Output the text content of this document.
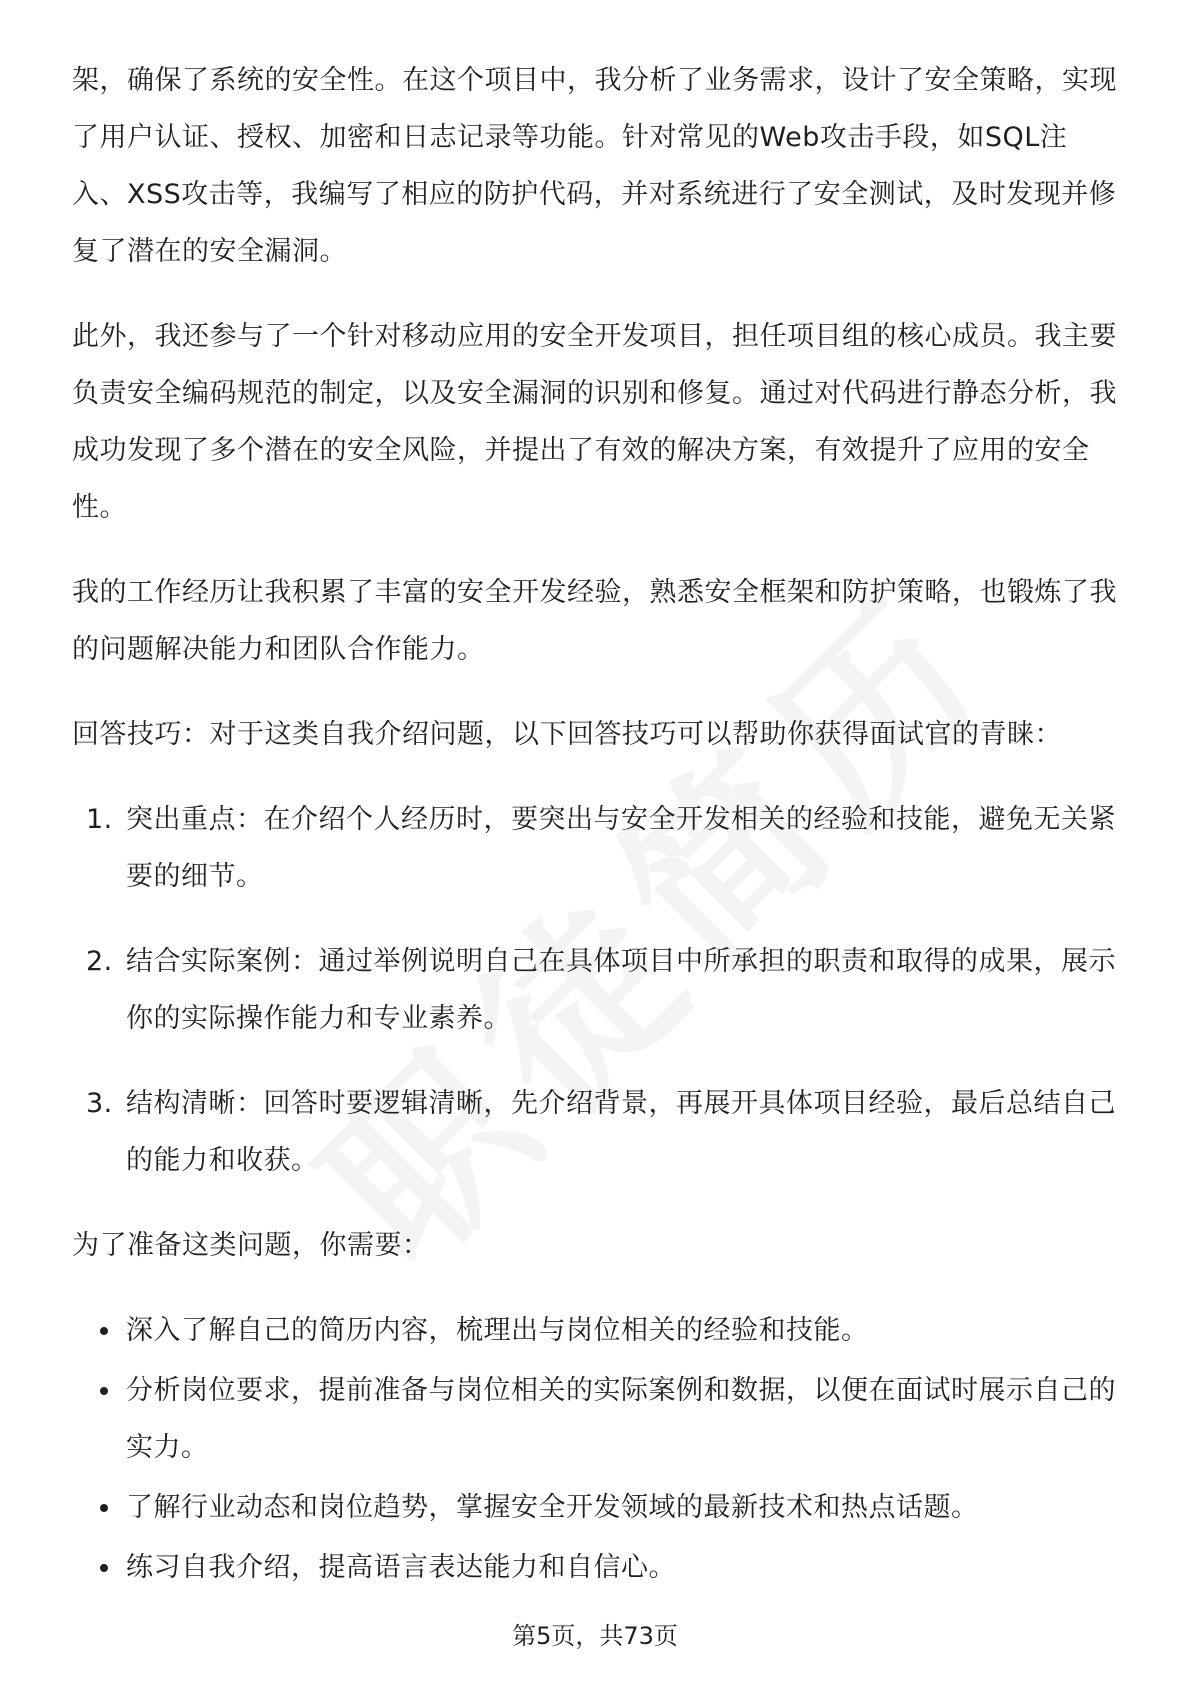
架，确保了系统的安全性。在这个项目中，我分析了业务需求，设计了安全策略，实现了用户认证、授权、加密和日志记录等功能。针对常见的Web攻击手段，如SQL注入、XSS攻击等，我编写了相应的防护代码，并对系统进行了安全测试，及时发现并修复了潜在的安全漏洞。

此外，我还参与了一个针对移动应用的安全开发项目，担任项目组的核心成员。我主要负责安全编码规范的制定，以及安全漏洞的识别和修复。通过对代码进行静态分析，我成功发现了多个潜在的安全风险，并提出了有效的解决方案，有效提升了应用的安全性。

我的工作经历让我积累了丰富的安全开发经验，熟悉安全框架和防护策略，也锻炼了我的问题解决能力和团队合作能力。

回答技巧：对于这类自我介绍问题，以下回答技巧可以帮助你获得面试官的青睐：

1. 突出重点：在介绍个人经历时，要突出与安全开发相关的经验和技能，避免无关紧要的细节。
2. 结合实际案例：通过举例说明自己在具体项目中所承担的职责和取得的成果，展示你的实际操作能力和专业素养。
3. 结构清晰：回答时要逻辑清晰，先介绍背景，再展开具体项目经验，最后总结自己的能力和收获。

为了准备这类问题，你需要：

深入了解自己的简历内容，梳理出与岗位相关的经验和技能。
分析岗位要求，提前准备与岗位相关的实际案例和数据，以便在面试时展示自己的实力。
了解行业动态和岗位趋势，掌握安全开发领域的最新技术和热点话题。
练习自我介绍，提高语言表达能力和自信心。
第5页，共73页
